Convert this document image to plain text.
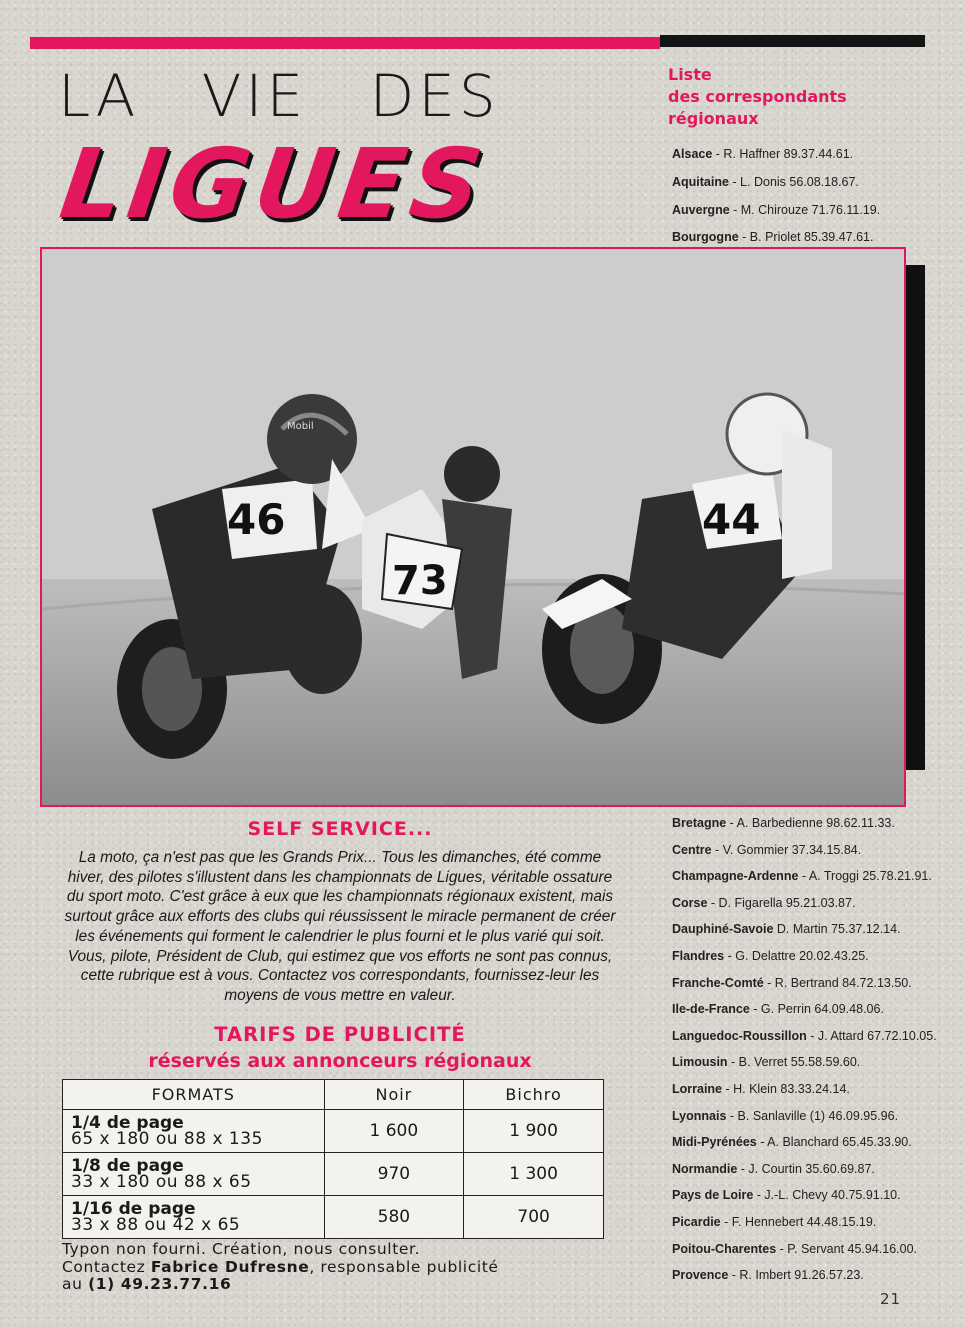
LA VIE DES
LIGUES
Liste
des correspondants
régionaux
Alsace - R. Haffner 89.37.44.61.
Aquitaine - L. Donis 56.08.18.67.
Auvergne - M. Chirouze 71.76.11.19.
Bourgogne - B. Priolet 85.39.47.61.
46
Mobil
73
44
Bretagne - A. Barbedienne 98.62.11.33.
Centre - V. Gommier 37.34.15.84.
Champagne-Ardenne - A. Troggi 25.78.21.91.
Corse - D. Figarella 95.21.03.87.
Dauphiné-Savoie D. Martin 75.37.12.14.
Flandres - G. Delattre 20.02.43.25.
Franche-Comté - R. Bertrand 84.72.13.50.
Ile-de-France - G. Perrin 64.09.48.06.
Languedoc-Roussillon - J. Attard 67.72.10.05.
Limousin - B. Verret 55.58.59.60.
Lorraine - H. Klein 83.33.24.14.
Lyonnais - B. Sanlaville (1) 46.09.95.96.
Midi-Pyrénées - A. Blanchard 65.45.33.90.
Normandie - J. Courtin 35.60.69.87.
Pays de Loire - J.-L. Chevy 40.75.91.10.
Picardie - F. Hennebert 44.48.15.19.
Poitou-Charentes - P. Servant 45.94.16.00.
Provence - R. Imbert 91.26.57.23.
SELF SERVICE...
La moto, ça n'est pas que les Grands Prix... Tous les dimanches, été comme hiver, des pilotes s'illustent dans les championnats de Ligues, véritable ossature du sport moto. C'est grâce à eux que les championnats régionaux existent, mais surtout grâce aux efforts des clubs qui réussissent le miracle permanent de créer les événements qui forment le calendrier le plus fourni et le plus varié qui soit. Vous, pilote, Président de Club, qui estimez que vos efforts ne sont pas connus, cette rubrique est à vous. Contactez vos correspondants, fournissez-leur les moyens de vous mettre en valeur.
TARIFS DE PUBLICITÉ
réservés aux annonceurs régionaux
FORMATS	Noir	Bichro

1/4 de page
65 x 180 ou 88 x 135	1 600	1 900

1/8 de page
33 x 180 ou 88 x 65	970	1 300

1/16 de page
33 x 88 ou 42 x 65	580	700
Typon non fourni. Création, nous consulter.
Contactez Fabrice Dufresne, responsable publicité
au (1) 49.23.77.16
21
